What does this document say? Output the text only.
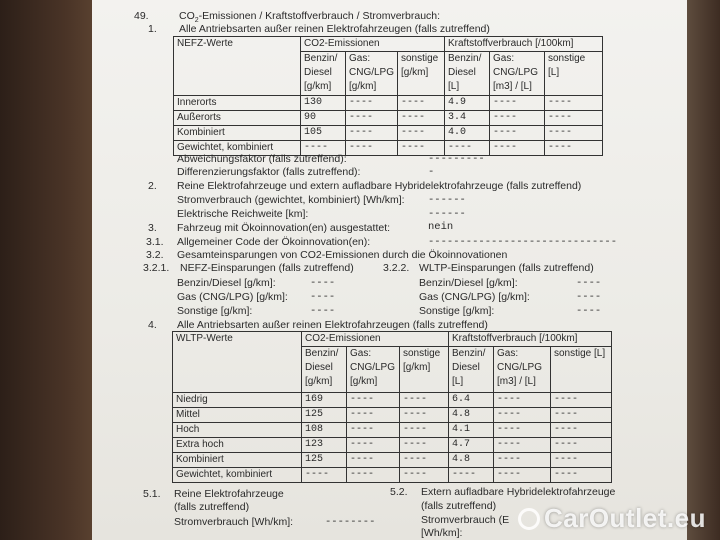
49.	$CO_2$-Emissionen / Kraftstoffverbrauch / Stromverbrauch:
1. Alle Antriebsarten außer reinen Elektrofahrzeugen (falls zutreffend)
NEFZ-Werte	CO2-Emissionen			Kraftstoffverbrauch [/100km]		
	Benzin/ Diesel [g/km]	Gas: CNG/LPG [g/km]	sonstige [g/km]	Benzin/ Diesel [L]	Gas: CNG/LPG [m3] / [L]	sonstige [L]
Innerorts	130	----	----	4.9	----	----
Außerorts	90	----	----	3.4	----	----
Kombiniert	105	----	----	4.0	----	----
Gewichtet, kombiniert	----	----	----	----	----	----
Abweichungsfaktor (falls zutreffend):	---------
Differenzierungsfaktor (falls zutreffend):	-
2. Reine Elektrofahrzeuge und extern aufladbare Hybridelektrofahrzeuge (falls zutreffend)
Stromverbrauch (gewichtet, kombiniert) [Wh/km]: ------
Elektrische Reichweite [km]:	------
3. Fahrzeug mit Ökoinnovation(en) ausgestattet:	nein
3.1. Allgemeiner Code der Ökoinnovation(en):	------------------------------
3.2. Gesamteinsparungen von CO2-Emissionen durch die Ökoinnovationen
3.2.1. NEFZ-Einsparungen (falls zutreffend)	3.2.2. WLTP-Einsparungen (falls zutreffend)
Benzin/Diesel [g/km]:	----
Gas (CNG/LPG) [g/km]: ----
Sonstige [g/km]:	----
Benzin/Diesel [g/km]:	----
Gas (CNG/LPG) [g/km]:	----
Sonstige [g/km]:	----
4. Alle Antriebsarten außer reinen Elektrofahrzeugen (falls zutreffend)
WLTP-Werte	CO2-Emissionen			Kraftstoffverbrauch [/100km]		
	Benzin/ Diesel [g/km]	Gas: CNG/LPG [g/km]	sonstige [g/km]	Benzin/ Diesel [L]	Gas: CNG/LPG [m3] / [L]	sonstige [L]
Niedrig	169	----	----	6.4	----	----
Mittel	125	----	----	4.8	----	----
Hoch	108	----	----	4.1	----	----
Extra hoch	123	----	----	4.7	----	----
Kombiniert	125	----	----	4.8	----	----
Gewichtet, kombiniert	----	----	----	----	----	----
5.1. Reine Elektrofahrzeuge
(falls zutreffend)
Stromverbrauch [Wh/km]:	--------
5.2. Extern aufladbare Hybridelektrofahrzeuge
(falls zutreffend)
Stromverbrauch (E
[Wh/km]:	CarOutlet.eu
